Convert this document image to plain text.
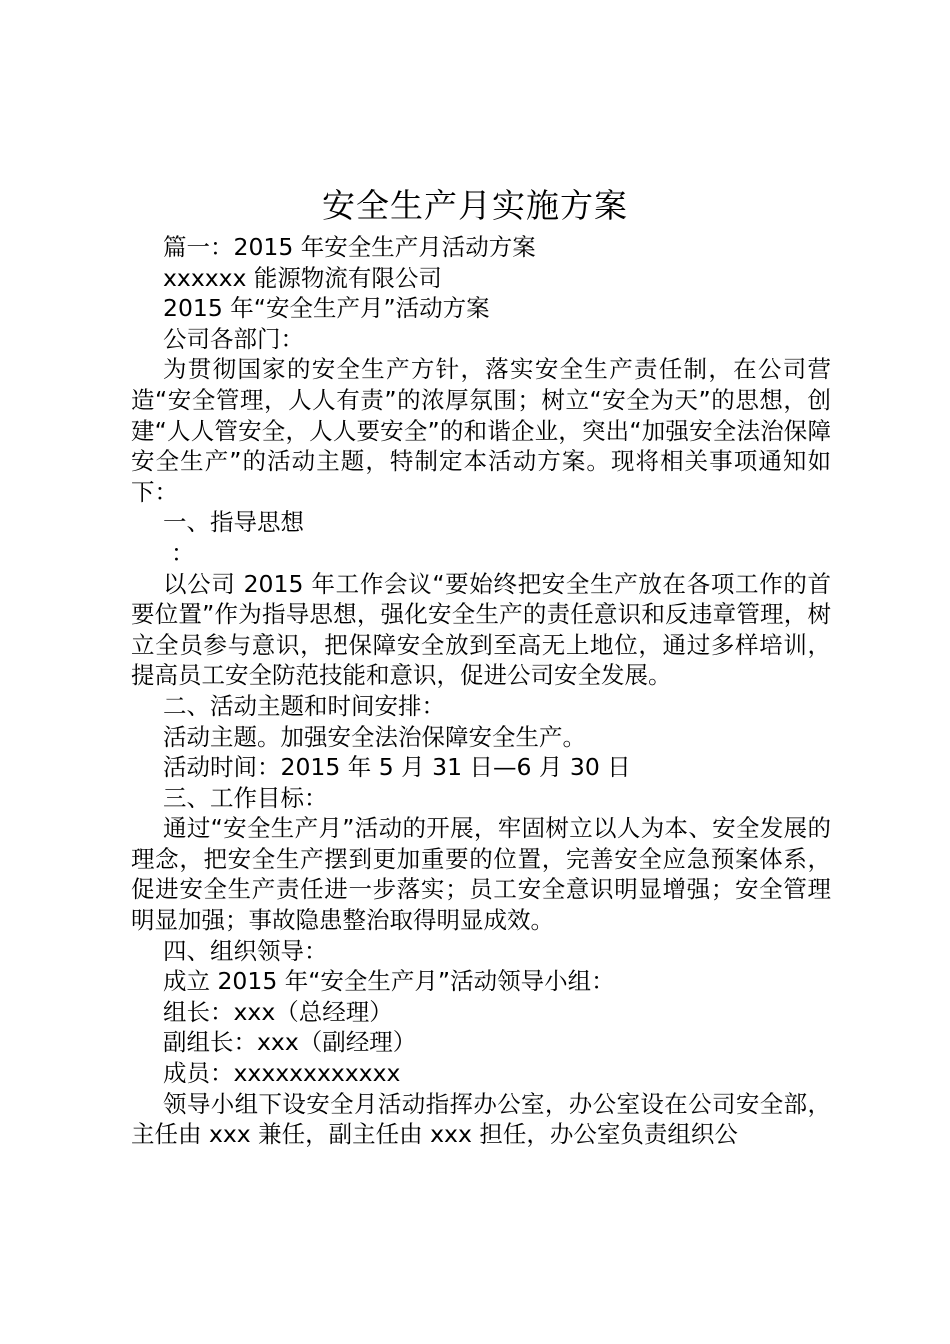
安全生产月实施方案

篇一：2015 年安全生产月活动方案

xxxxxx 能源物流有限公司

2015 年“安全生产月”活动方案

公司各部门：

为贯彻国家的安全生产方针，落实安全生产责任制，在公司营造“安全管理，人人有责”的浓厚氛围；树立“安全为天”的思想，创建“人人管安全，人人要安全”的和谐企业，突出“加强安全法治保障安全生产”的活动主题，特制定本活动方案。现将相关事项通知如下：

一、指导思想

：

以公司 2015 年工作会议“要始终把安全生产放在各项工作的首要位置”作为指导思想，强化安全生产的责任意识和反违章管理，树立全员参与意识，把保障安全放到至高无上地位，通过多样培训，提高员工安全防范技能和意识，促进公司安全发展。

二、活动主题和时间安排：

活动主题。加强安全法治保障安全生产。

活动时间：2015 年 5 月 31 日—6 月 30 日

三、工作目标：

通过“安全生产月”活动的开展，牢固树立以人为本、安全发展的理念，把安全生产摆到更加重要的位置，完善安全应急预案体系，促进安全生产责任进一步落实；员工安全意识明显增强；安全管理明显加强；事故隐患整治取得明显成效。

四、组织领导：

成立 2015 年“安全生产月”活动领导小组：

组长：xxx（总经理）

副组长：xxx（副经理）

成员：xxxxxxxxxxxx

领导小组下设安全月活动指挥办公室，办公室设在公司安全部，主任由 xxx 兼任，副主任由 xxx 担任，办公室负责组织公
